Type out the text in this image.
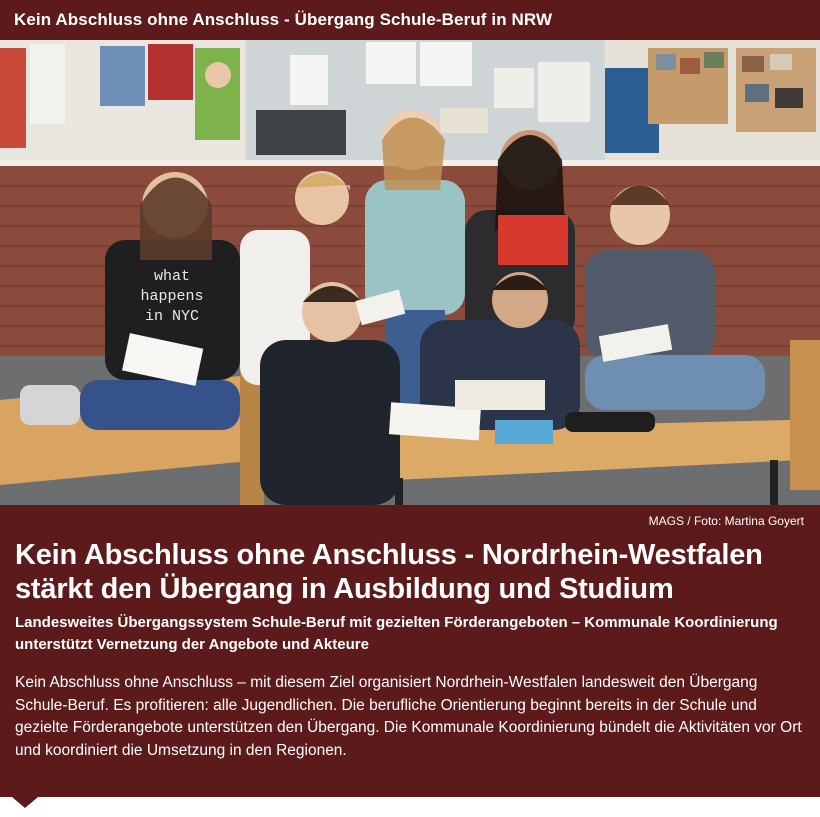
Kein Abschluss ohne Anschluss - Übergang Schule-Beruf in NRW
what
happens
in NYC
MAGS / Foto: Martina Goyert
Kein Abschluss ohne Anschluss - Nordrhein-Westfalen
stärkt den Übergang in Ausbildung und Studium

Landesweites Übergangssystem Schule-Beruf mit gezielten Förderangeboten – Kommunale Koordinierung unterstützt Vernetzung der Angebote und Akteure

Kein Abschluss ohne Anschluss – mit diesem Ziel organisiert Nordrhein-Westfalen landesweit den Übergang Schule-Beruf. Es profitieren: alle Jugendlichen. Die berufliche Orientierung beginnt bereits in der Schule und gezielte Förderangebote unterstützen den Übergang. Die Kommunale Koordinierung bündelt die Aktivitäten vor Ort und koordiniert die Umsetzung in den Regionen.
